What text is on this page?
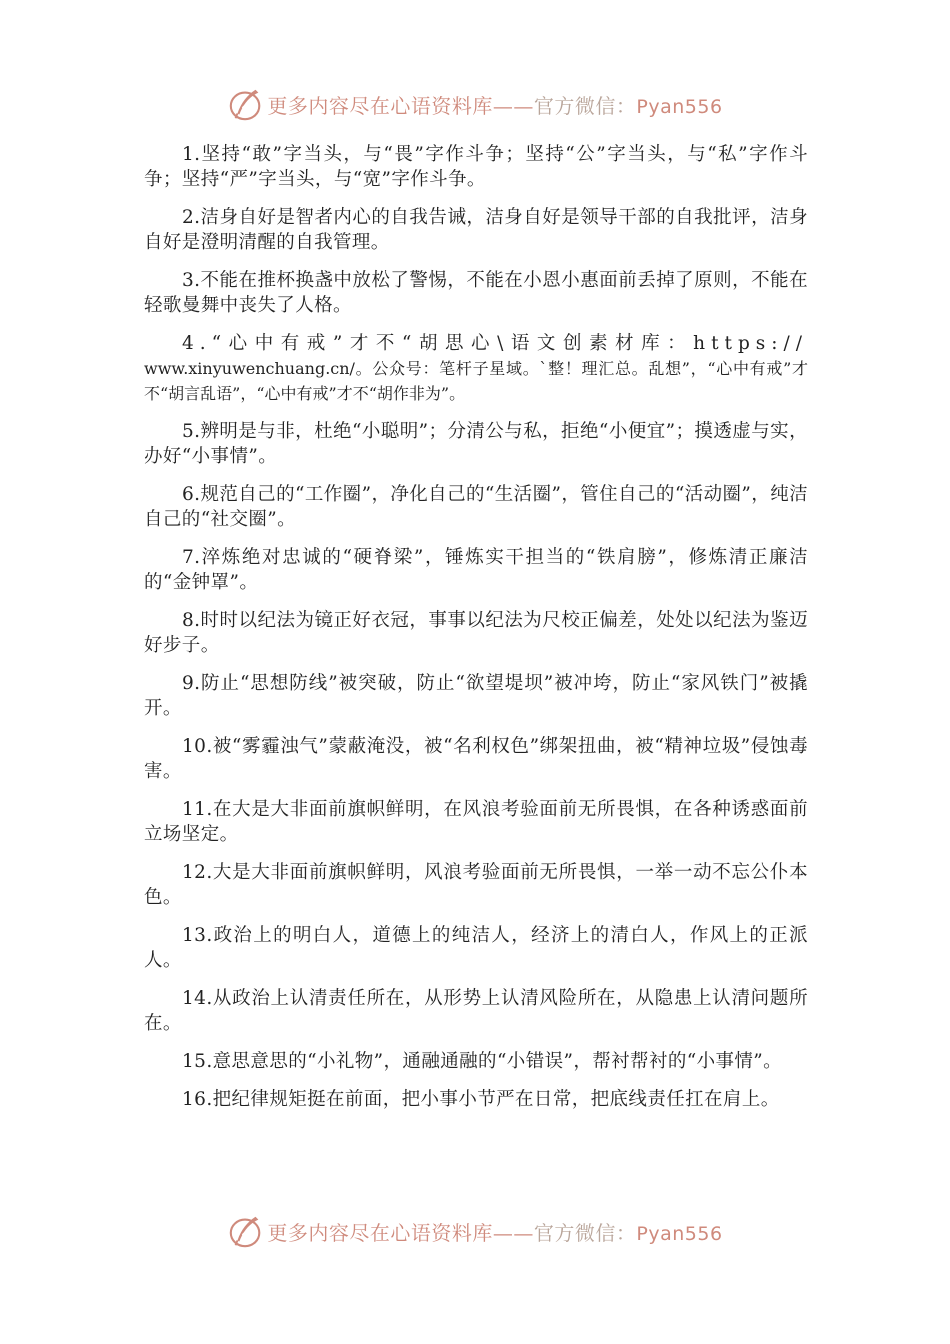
更多内容尽在心语资料库——官方微信：Pyan556

1.坚持“敢”字当头，与“畏”字作斗争；坚持“公”字当头，与“私”字作斗争；坚持“严”字当头，与“宽”字作斗争。

2.洁身自好是智者内心的自我告诫，洁身自好是领导干部的自我批评，洁身自好是澄明清醒的自我管理。

3.不能在推杯换盏中放松了警惕，不能在小恩小惠面前丢掉了原则，不能在轻歌曼舞中丧失了人格。

4.“心中有戒”才不“胡思心\语文创素材库：https://
www.xinyuwenchuang.cn/。公众号：笔杆子星域。`整！理汇总。乱想”，“心中有戒”才不“胡言乱语”，“心中有戒”才不“胡作非为”。

5.辨明是与非，杜绝“小聪明”；分清公与私，拒绝“小便宜”；摸透虚与实，办好“小事情”。

6.规范自己的“工作圈”，净化自己的“生活圈”，管住自己的“活动圈”，纯洁自己的“社交圈”。

7.淬炼绝对忠诚的“硬脊梁”，锤炼实干担当的“铁肩膀”，修炼清正廉洁的“金钟罩”。

8.时时以纪法为镜正好衣冠，事事以纪法为尺校正偏差，处处以纪法为鉴迈好步子。

9.防止“思想防线”被突破，防止“欲望堤坝”被冲垮，防止“家风铁门”被撬开。

10.被“雾霾浊气”蒙蔽淹没，被“名利权色”绑架扭曲，被“精神垃圾”侵蚀毒害。

11.在大是大非面前旗帜鲜明，在风浪考验面前无所畏惧，在各种诱惑面前立场坚定。

12.大是大非面前旗帜鲜明，风浪考验面前无所畏惧，一举一动不忘公仆本色。

13.政治上的明白人，道德上的纯洁人，经济上的清白人，作风上的正派人。

14.从政治上认清责任所在，从形势上认清风险所在，从隐患上认清问题所在。

15.意思意思的“小礼物”，通融通融的“小错误”，帮衬帮衬的“小事情”。

16.把纪律规矩挺在前面，把小事小节严在日常，把底线责任扛在肩上。

更多内容尽在心语资料库——官方微信：Pyan556
